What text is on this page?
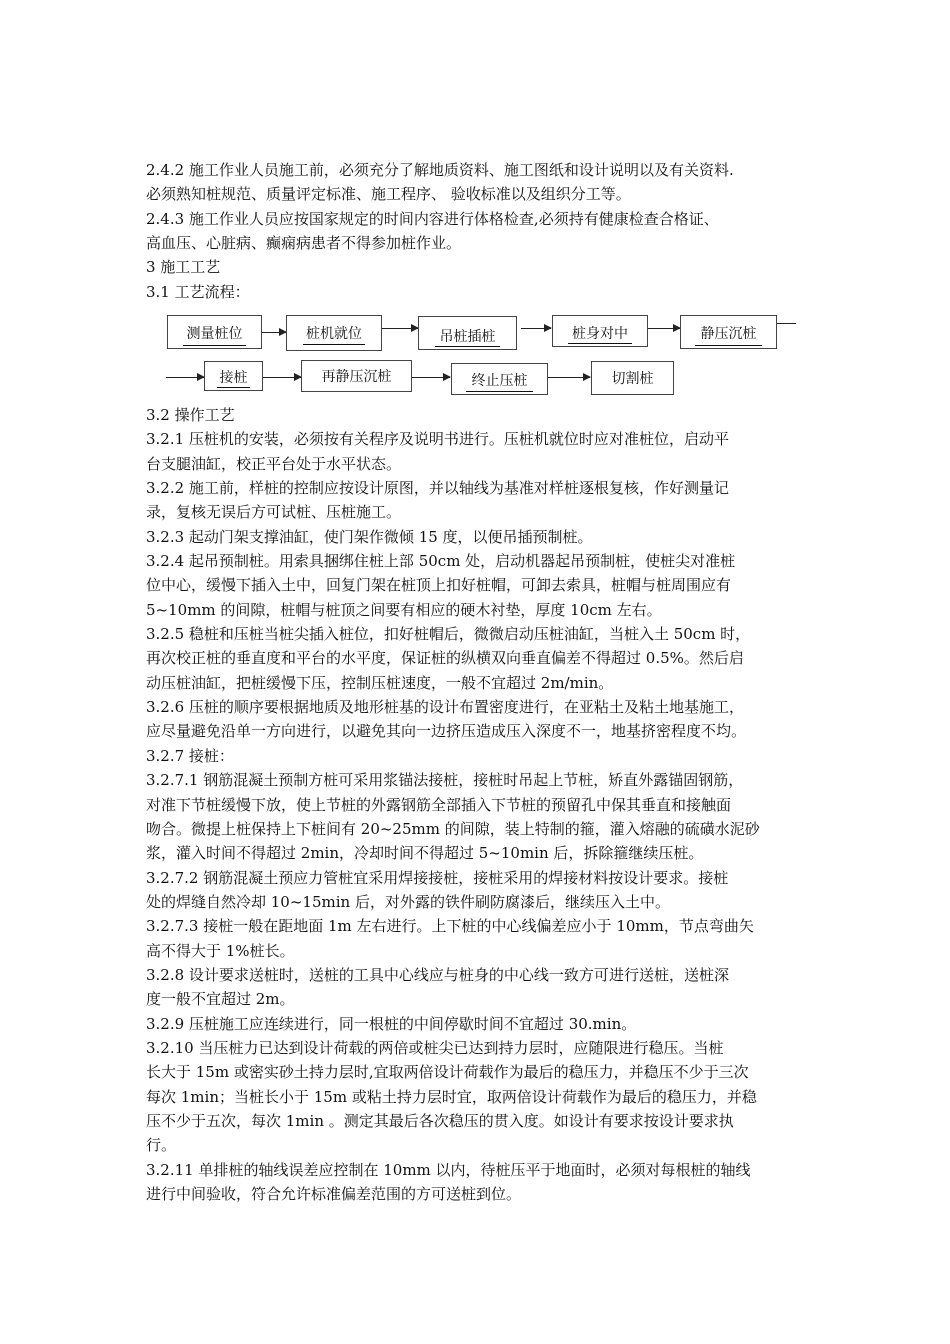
2.4.2 施工作业人员施工前，必须充分了解地质资料、施工图纸和设计说明以及有关资料.

必须熟知桩规范、质量评定标准、施工程序、 验收标准以及组织分工等。

2.4.3 施工作业人员应按国家规定的时间内容进行体格检查,必须持有健康检查合格证、

高血压、心脏病、癫痫病患者不得参加桩作业。

3 施工工艺

3.1 工艺流程：

测量桩位	桩机就位	吊桩插桩	桩身对中	静压沉桩
接桩	再静压沉桩	终止压桩	切割桩

3.2 操作工艺

3.2.1 压桩机的安装，必须按有关程序及说明书进行。压桩机就位时应对准桩位，启动平

台支腿油缸，校正平台处于水平状态。

3.2.2 施工前，样桩的控制应按设计原图，并以轴线为基准对样桩逐根复核，作好测量记

录，复核无误后方可试桩、压桩施工。

3.2.3 起动门架支撑油缸，使门架作微倾 15 度，以便吊插预制桩。

3.2.4 起吊预制桩。用索具捆绑住桩上部 50cm 处，启动机器起吊预制桩，使桩尖对准桩

位中心，缓慢下插入土中，回复门架在桩顶上扣好桩帽，可卸去索具，桩帽与桩周围应有

5~10mm 的间隙，桩帽与桩顶之间要有相应的硬木衬垫，厚度 10cm 左右。

3.2.5 稳桩和压桩当桩尖插入桩位，扣好桩帽后，微微启动压桩油缸，当桩入土 50cm 时，

再次校正桩的垂直度和平台的水平度，保证桩的纵横双向垂直偏差不得超过 0.5%。然后启

动压桩油缸，把桩缓慢下压，控制压桩速度，一般不宜超过 2m/min。

3.2.6 压桩的顺序要根据地质及地形桩基的设计布置密度进行，在亚粘土及粘土地基施工，

应尽量避免沿单一方向进行，以避免其向一边挤压造成压入深度不一，地基挤密程度不均。

3.2.7 接桩：

3.2.7.1 钢筋混凝土预制方桩可采用浆锚法接桩，接桩时吊起上节桩，矫直外露锚固钢筋，

对准下节桩缓慢下放，使上节桩的外露钢筋全部插入下节桩的预留孔中保其垂直和接触面

吻合。微提上桩保持上下桩间有 20~25mm 的间隙，装上特制的箍，灌入熔融的硫磺水泥砂

浆，灌入时间不得超过 2min，冷却时间不得超过 5~10min 后，拆除箍继续压桩。

3.2.7.2 钢筋混凝土预应力管桩宜采用焊接接桩，接桩采用的焊接材料按设计要求。接桩

处的焊缝自然冷却 10~15min 后，对外露的铁件刷防腐漆后，继续压入土中。

3.2.7.3 接桩一般在距地面 1m 左右进行。上下桩的中心线偏差应小于 10mm，节点弯曲矢

高不得大于 1%桩长。

3.2.8 设计要求送桩时，送桩的工具中心线应与桩身的中心线一致方可进行送桩，送桩深

度一般不宜超过 2m。

3.2.9 压桩施工应连续进行，同一根桩的中间停歇时间不宜超过 30.min。

3.2.10 当压桩力已达到设计荷载的两倍或桩尖已达到持力层时，应随限进行稳压。当桩

长大于 15m 或密实砂土持力层时,宜取两倍设计荷载作为最后的稳压力，并稳压不少于三次

每次 1min；当桩长小于 15m 或粘土持力层时宜，取两倍设计荷载作为最后的稳压力，并稳

压不少于五次，每次 1min 。测定其最后各次稳压的贯入度。如设计有要求按设计要求执

行。

3.2.11 单排桩的轴线误差应控制在 10mm 以内，待桩压平于地面时，必须对每根桩的轴线

进行中间验收，符合允许标准偏差范围的方可送桩到位。
